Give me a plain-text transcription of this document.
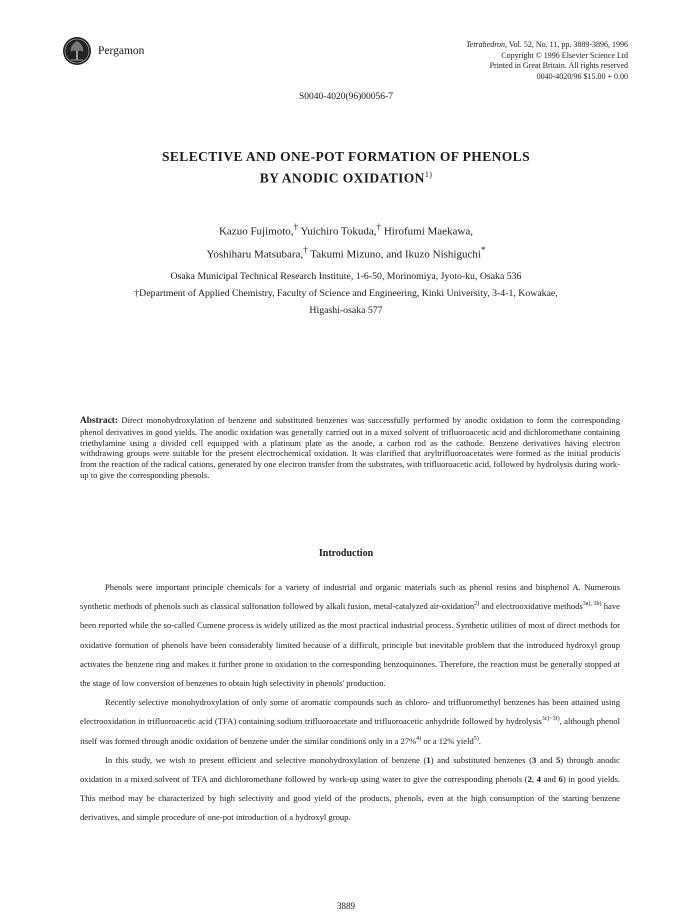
Pergamon
Tetrahedron, Vol. 52, No. 11, pp. 3889-3896, 1996
Copyright © 1996 Elsevier Science Ltd
Printed in Great Britain. All rights reserved
0040-4020/96 $15.00 + 0.00
S0040-4020(96)00056-7
SELECTIVE AND ONE-POT FORMATION OF PHENOLS
BY ANODIC OXIDATION$^{1)}$
Kazuo Fujimoto,† Yuichiro Tokuda,† Hirofumi Maekawa,
Yoshiharu Matsubara,† Takumi Mizuno, and Ikuzo Nishiguchi*
Osaka Municipal Technical Research Institute, 1-6-50, Morinomiya, Jyoto-ku, Osaka 536
†Department of Applied Chemistry, Faculty of Science and Engineering, Kinki University, 3-4-1, Kowakae,
Higashi-osaka 577
Abstract: Direct monohydroxylation of benzene and substituted benzenes was successfully performed by anodic oxidation to form the corresponding phenol derivatives in good yields. The anodic oxidation was generally carried out in a mixed solvent of trifluoroacetic acid and dichloromethane containing triethylamine using a divided cell equipped with a platinum plate as the anode, a carbon rod as the cathode. Benzene derivatives having electron withdrawing groups were suitable for the present electrochemical oxidation. It was clarified that aryltrifluoroacetates were formed as the initial products from the reaction of the radical cations, generated by one electron transfer from the substrates, with trifluoroacetic acid, followed by hydrolysis during work-up to give the corresponding phenols.
Introduction

Phenols were important principle chemicals for a variety of industrial and organic materials such as phenol resins and bisphenol A. Numerous synthetic methods of phenols such as classical sulfonation followed by alkali fusion, metal-catalyzed air-oxidation$^{2)}$ and electrooxidative methods$^{3a), 3b)}$ have been reported while the so-called Cumene process is widely utilized as the most practical industrial process. Synthetic utilities of most of direct methods for oxidative formation of phenols have been considerably limited because of a difficult, principle but inevitable problem that the introduced hydroxyl group activates the benzene ring and makes it further prone to oxidation to the corresponding benzoquinones. Therefore, the reaction must be generally stopped at the stage of low conversion of benzenes to obtain high selectivity in phenols' production.

Recently selective monohydroxylation of only some of aromatic compounds such as chloro- and trifluoromethyl benzenes has been attained using electrooxidation in trifluoroacetic acid (TFA) containing sodium trifluoroacetate and trifluoroacetic anhydride followed by hydrolysis$^{3c)\sim 3f)}$, although phenol itself was formed through anodic oxidation of benzene under the similar conditions only in a 27%$^{4)}$ or a 12% yield$^{5)}$.

In this study, we wish to present efficient and selective monohydroxylation of benzene (1) and substituted benzenes (3 and 5) through anodic oxidation in a mixed solvent of TFA and dichloromethane followed by work-up using water to give the corresponding phenols (2, 4 and 6) in good yields. This method may be characterized by high selectivity and good yield of the products, phenols, even at the high consumption of the starting benzene derivatives, and simple procedure of one-pot introduction of a hydroxyl group.

3889
